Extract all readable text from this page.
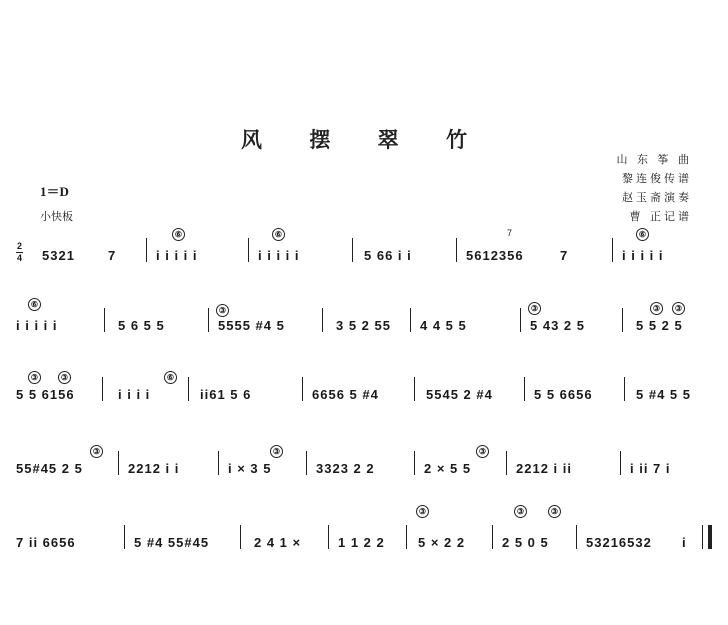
风 摆 翠 竹
山 东 筝 曲
黎连俊传谱
赵玉斋演奏
曹 正记谱
1＝D
小快板
2
4 5321	7	i i i i i
⑥
i i i i i
⑥
5 66 i i	5612356	7
7
i i i i i
⑥
i i i i i
⑥
5 6 5 5	5555 #4 5
③
3 5 2 55 4 4 5 5	5 43 2 5
③
5 5 2 5
③	③
5 5 6156
③	③
i i i i
⑥
ii61 5 6	6656 5 #4	5545 2 #4	5 5 6656	5 #4 5 5
55#45 2 5
③
2212 i i	i × 3 5
③
3323 2 2	2 × 5 5
③
2212 i ii	i ii 7 i
7 ii 6656	5 #4 55#45	2 4 1 ×	1 1 2 2	5 × 2 2
③
2 5 0 5
③	③
53216532 i
